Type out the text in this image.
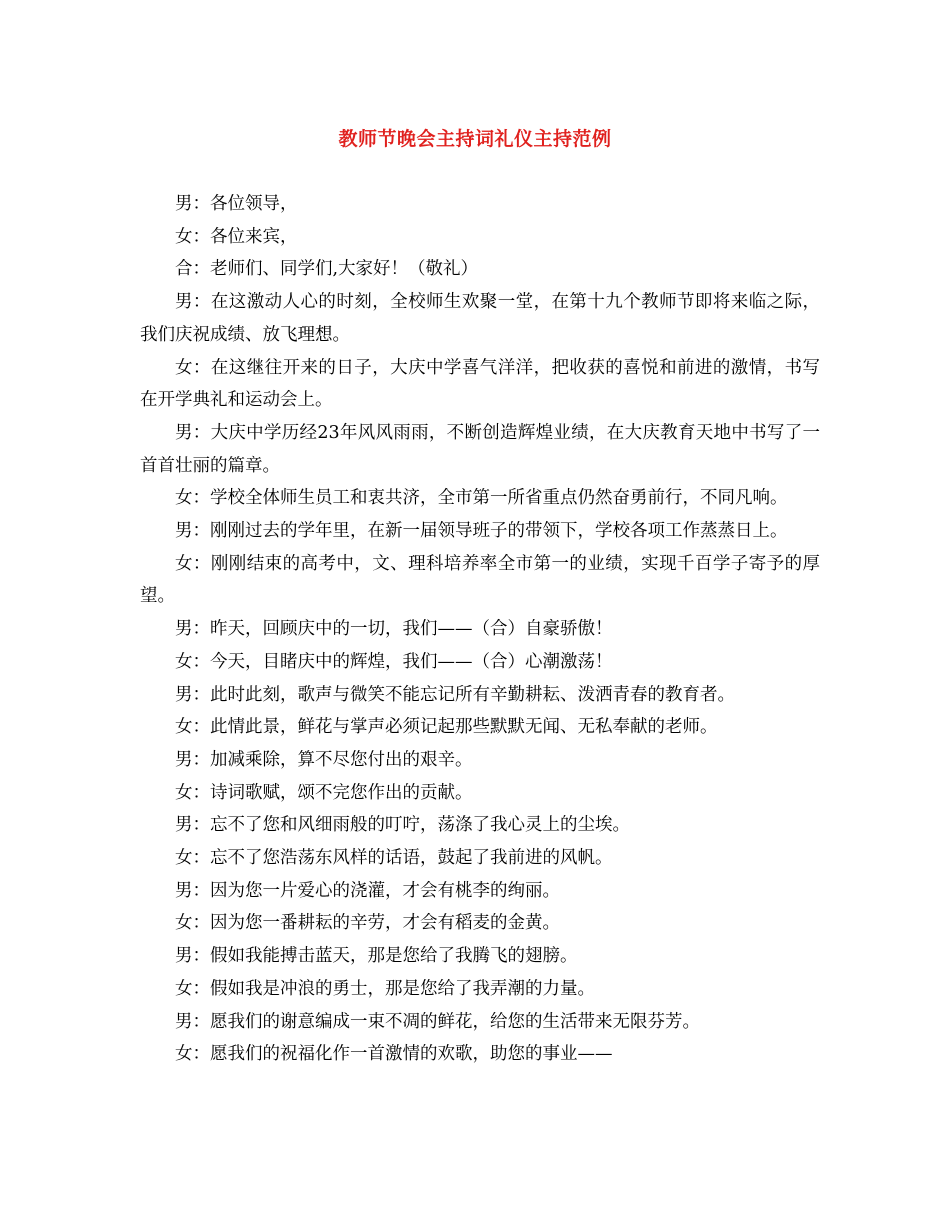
教师节晚会主持词礼仪主持范例

男：各位领导，

女：各位来宾，

合：老师们、同学们,大家好！（敬礼）

男：在这激动人心的时刻，全校师生欢聚一堂，在第十九个教师节即将来临之际，我们庆祝成绩、放飞理想。

女：在这继往开来的日子，大庆中学喜气洋洋，把收获的喜悦和前进的激情，书写在开学典礼和运动会上。

男：大庆中学历经23年风风雨雨，不断创造辉煌业绩，在大庆教育天地中书写了一首首壮丽的篇章。

女：学校全体师生员工和衷共济，全市第一所省重点仍然奋勇前行，不同凡响。

男：刚刚过去的学年里，在新一届领导班子的带领下，学校各项工作蒸蒸日上。

女：刚刚结束的高考中，文、理科培养率全市第一的业绩，实现千百学子寄予的厚望。

男：昨天，回顾庆中的一切，我们——（合）自豪骄傲！

女：今天，目睹庆中的辉煌，我们——（合）心潮激荡！

男：此时此刻，歌声与微笑不能忘记所有辛勤耕耘、泼洒青春的教育者。

女：此情此景，鲜花与掌声必须记起那些默默无闻、无私奉献的老师。

男：加减乘除，算不尽您付出的艰辛。

女：诗词歌赋，颂不完您作出的贡献。

男：忘不了您和风细雨般的叮咛，荡涤了我心灵上的尘埃。

女：忘不了您浩荡东风样的话语，鼓起了我前进的风帆。

男：因为您一片爱心的浇灌，才会有桃李的绚丽。

女：因为您一番耕耘的辛劳，才会有稻麦的金黄。

男：假如我能搏击蓝天，那是您给了我腾飞的翅膀。

女：假如我是冲浪的勇士，那是您给了我弄潮的力量。

男：愿我们的谢意编成一束不凋的鲜花，给您的生活带来无限芬芳。

女：愿我们的祝福化作一首激情的欢歌，助您的事业——
